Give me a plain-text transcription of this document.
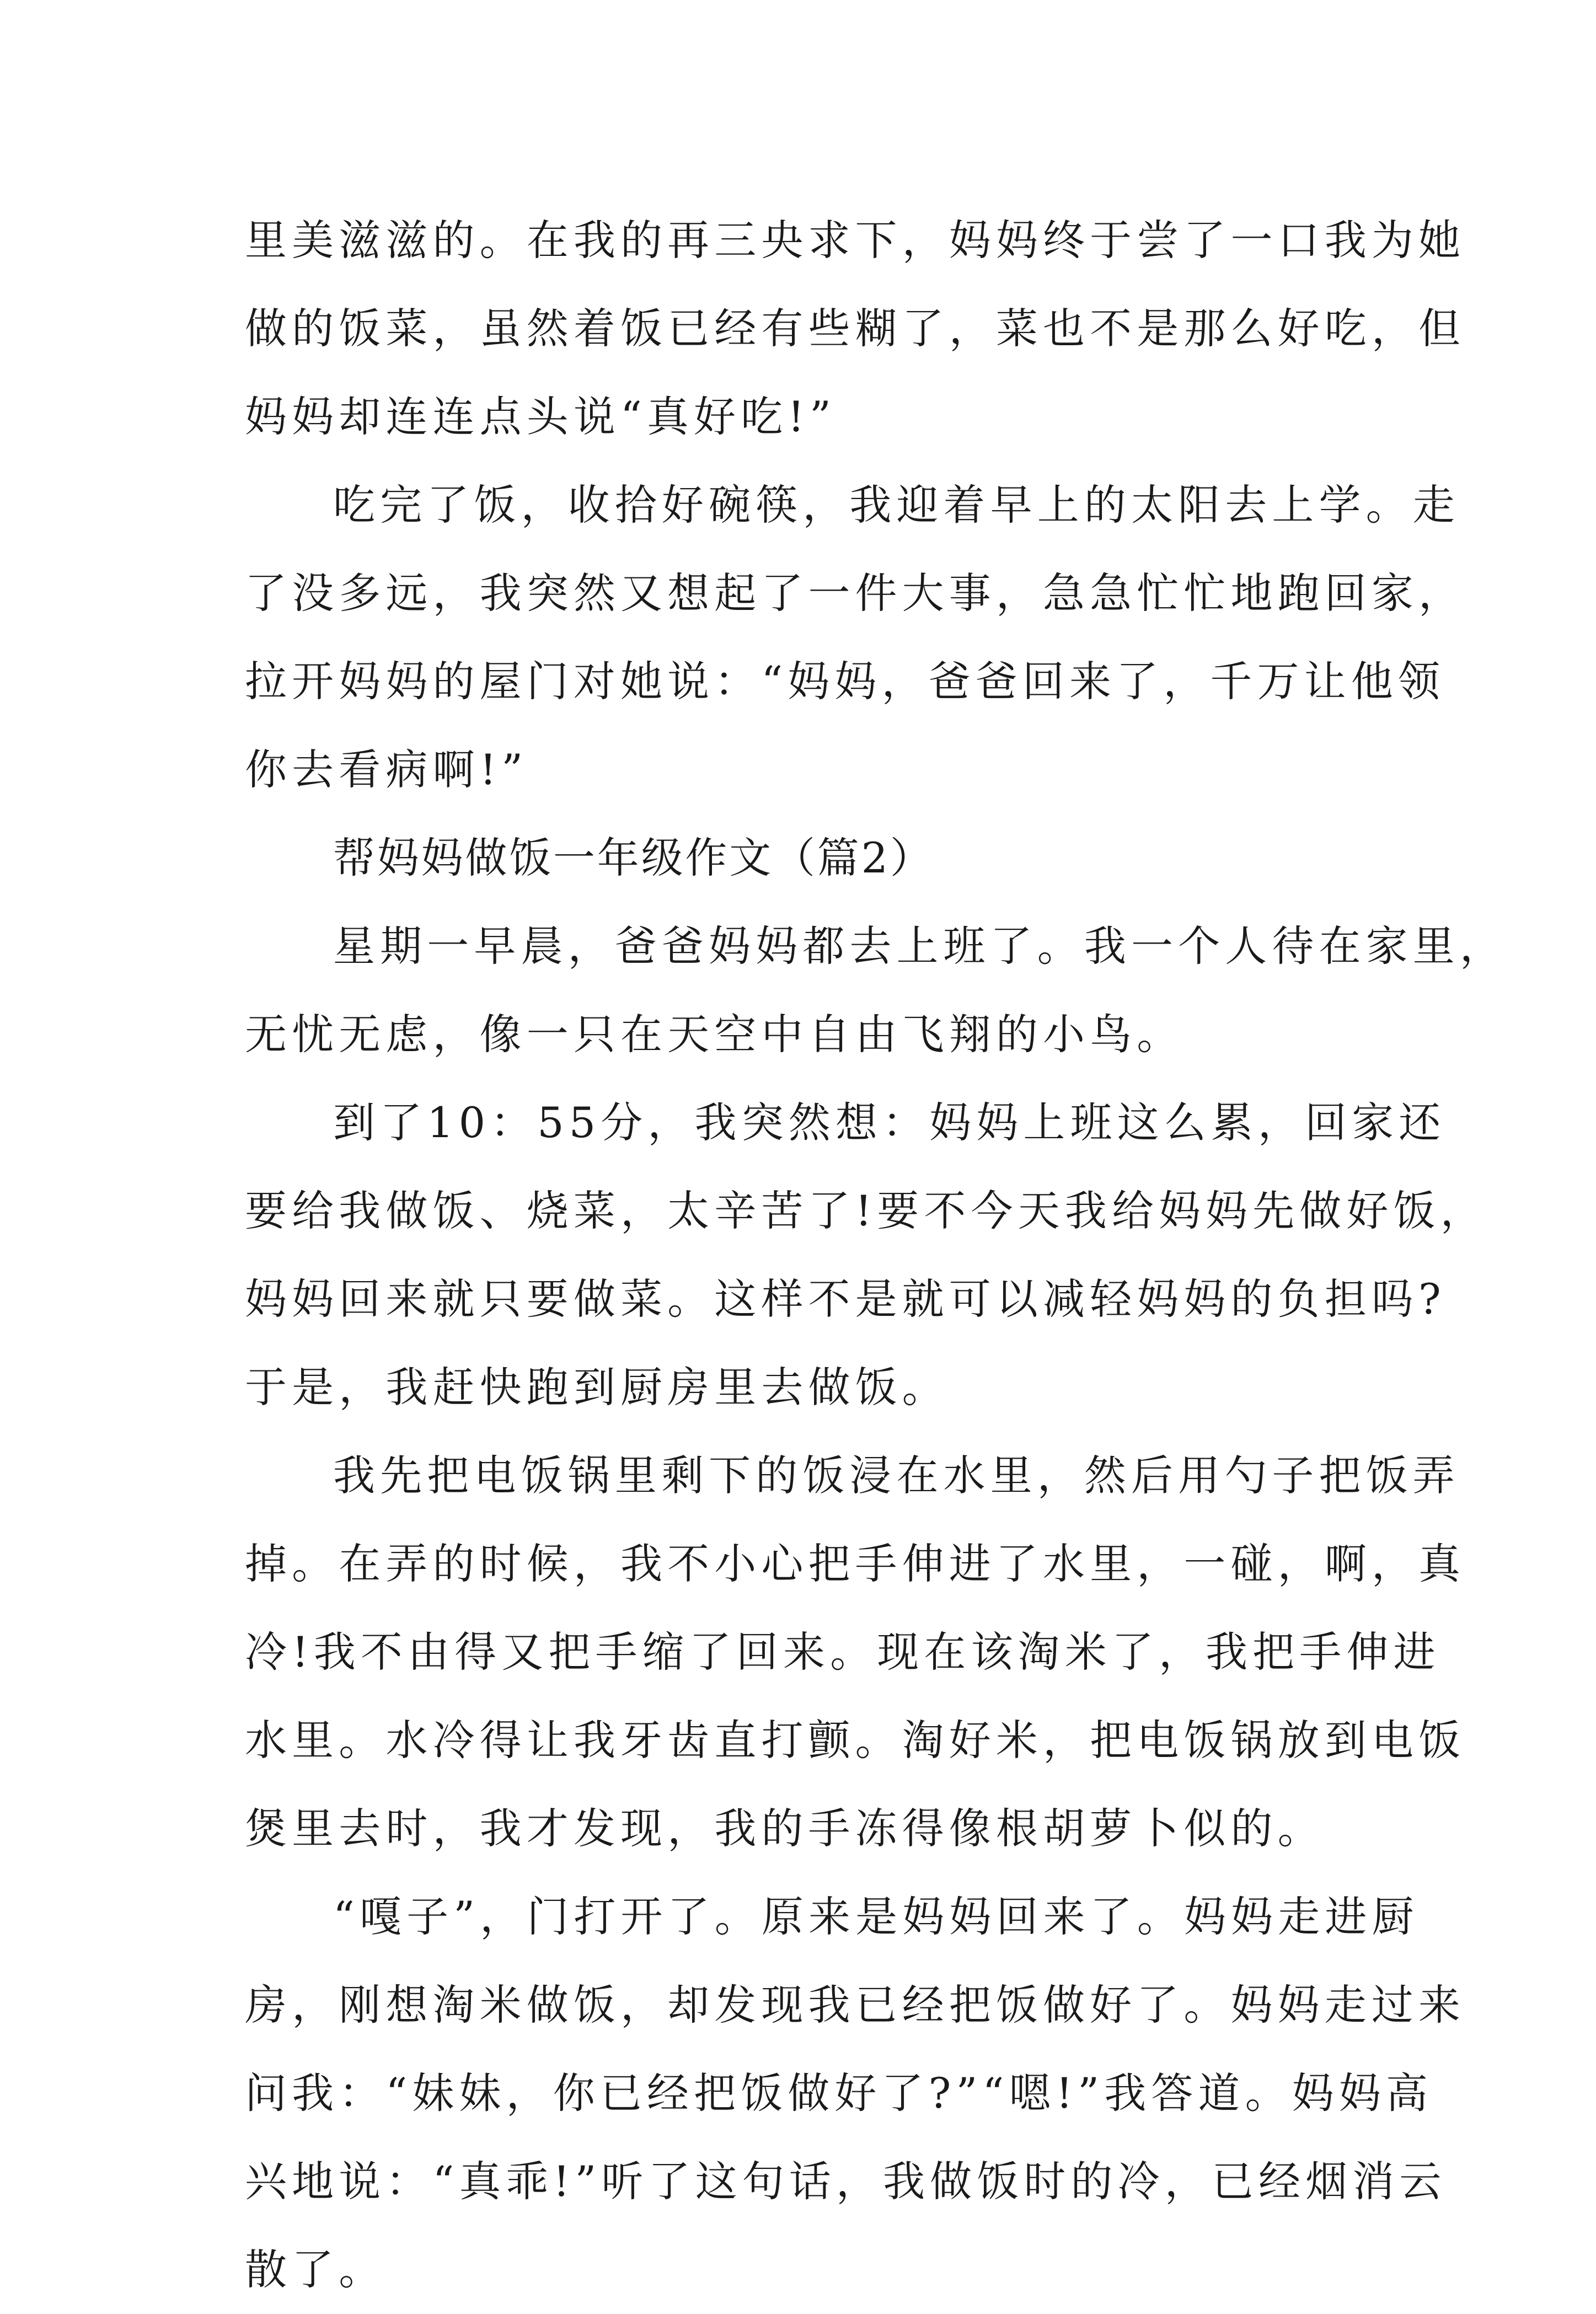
里美滋滋的。在我的再三央求下，妈妈终于尝了一口我为她
做的饭菜，虽然着饭已经有些糊了，菜也不是那么好吃，但
妈妈却连连点头说“真好吃!”

吃完了饭，收拾好碗筷，我迎着早上的太阳去上学。走
了没多远，我突然又想起了一件大事，急急忙忙地跑回家，
拉开妈妈的屋门对她说：“妈妈，爸爸回来了，千万让他领
你去看病啊!”

帮妈妈做饭一年级作文（篇2）

星期一早晨，爸爸妈妈都去上班了。我一个人待在家里，
无忧无虑，像一只在天空中自由飞翔的小鸟。

到了10：55分，我突然想：妈妈上班这么累，回家还
要给我做饭、烧菜，太辛苦了!要不今天我给妈妈先做好饭，
妈妈回来就只要做菜。这样不是就可以减轻妈妈的负担吗?
于是，我赶快跑到厨房里去做饭。

我先把电饭锅里剩下的饭浸在水里，然后用勺子把饭弄
掉。在弄的时候，我不小心把手伸进了水里，一碰，啊，真
冷!我不由得又把手缩了回来。现在该淘米了，我把手伸进
水里。水冷得让我牙齿直打颤。淘好米，把电饭锅放到电饭
煲里去时，我才发现，我的手冻得像根胡萝卜似的。

“嘎子”，门打开了。原来是妈妈回来了。妈妈走进厨
房，刚想淘米做饭，却发现我已经把饭做好了。妈妈走过来
问我：“妹妹，你已经把饭做好了?”“嗯!”我答道。妈妈高
兴地说：“真乖!”听了这句话，我做饭时的冷，已经烟消云
散了。
